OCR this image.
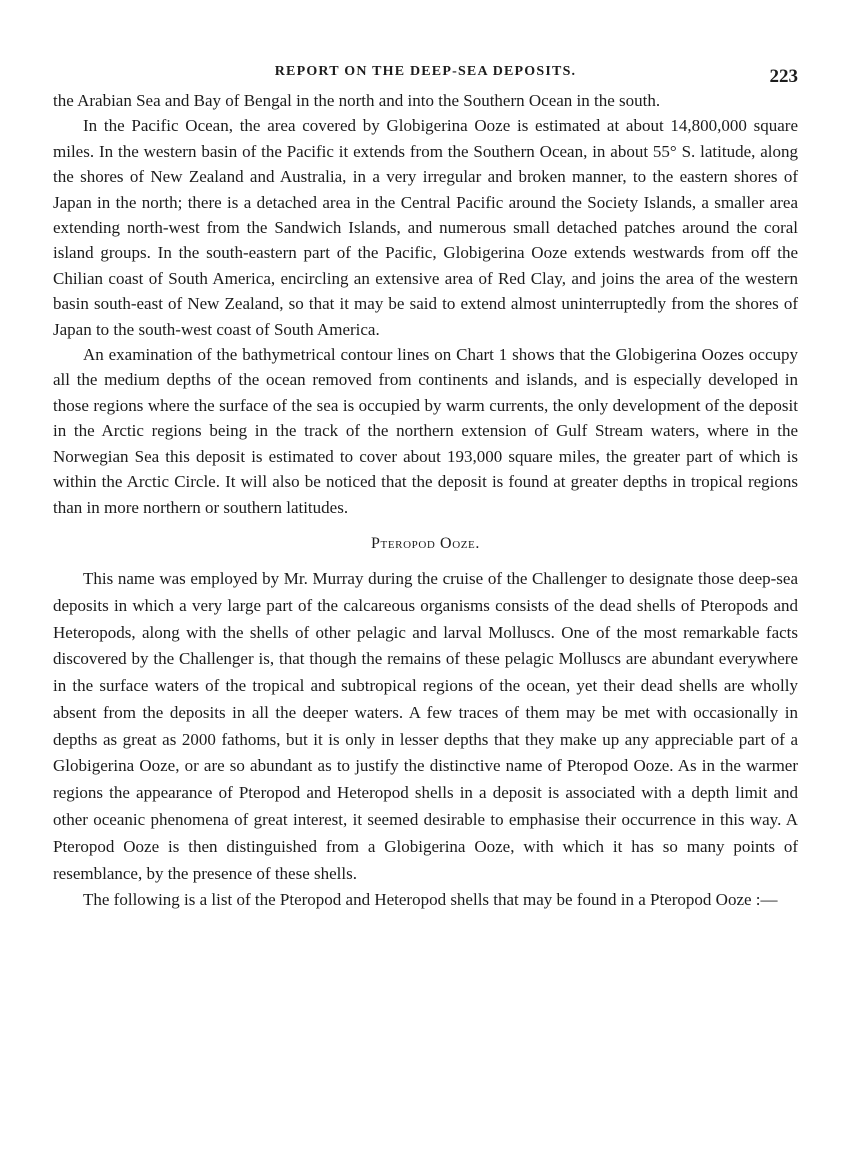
REPORT ON THE DEEP-SEA DEPOSITS.	223

the Arabian Sea and Bay of Bengal in the north and into the Southern Ocean in the south.

In the Pacific Ocean, the area covered by Globigerina Ooze is estimated at about 14,800,000 square miles. In the western basin of the Pacific it extends from the Southern Ocean, in about 55° S. latitude, along the shores of New Zealand and Australia, in a very irregular and broken manner, to the eastern shores of Japan in the north; there is a detached area in the Central Pacific around the Society Islands, a smaller area extending north-west from the Sandwich Islands, and numerous small detached patches around the coral island groups. In the south-eastern part of the Pacific, Globigerina Ooze extends westwards from off the Chilian coast of South America, encircling an extensive area of Red Clay, and joins the area of the western basin south-east of New Zealand, so that it may be said to extend almost uninterruptedly from the shores of Japan to the south-west coast of South America.

An examination of the bathymetrical contour lines on Chart 1 shows that the Globigerina Oozes occupy all the medium depths of the ocean removed from continents and islands, and is especially developed in those regions where the surface of the sea is occupied by warm currents, the only development of the deposit in the Arctic regions being in the track of the northern extension of Gulf Stream waters, where in the Norwegian Sea this deposit is estimated to cover about 193,000 square miles, the greater part of which is within the Arctic Circle. It will also be noticed that the deposit is found at greater depths in tropical regions than in more northern or southern latitudes.

Pteropod Ooze.

This name was employed by Mr. Murray during the cruise of the Challenger to designate those deep-sea deposits in which a very large part of the calcareous organisms consists of the dead shells of Pteropods and Heteropods, along with the shells of other pelagic and larval Molluscs. One of the most remarkable facts discovered by the Challenger is, that though the remains of these pelagic Molluscs are abundant everywhere in the surface waters of the tropical and subtropical regions of the ocean, yet their dead shells are wholly absent from the deposits in all the deeper waters. A few traces of them may be met with occasionally in depths as great as 2000 fathoms, but it is only in lesser depths that they make up any appreciable part of a Globigerina Ooze, or are so abundant as to justify the distinctive name of Pteropod Ooze. As in the warmer regions the appearance of Pteropod and Heteropod shells in a deposit is associated with a depth limit and other oceanic phenomena of great interest, it seemed desirable to emphasise their occurrence in this way. A Pteropod Ooze is then distinguished from a Globigerina Ooze, with which it has so many points of resemblance, by the presence of these shells.

The following is a list of the Pteropod and Heteropod shells that may be found in a Pteropod Ooze :—
